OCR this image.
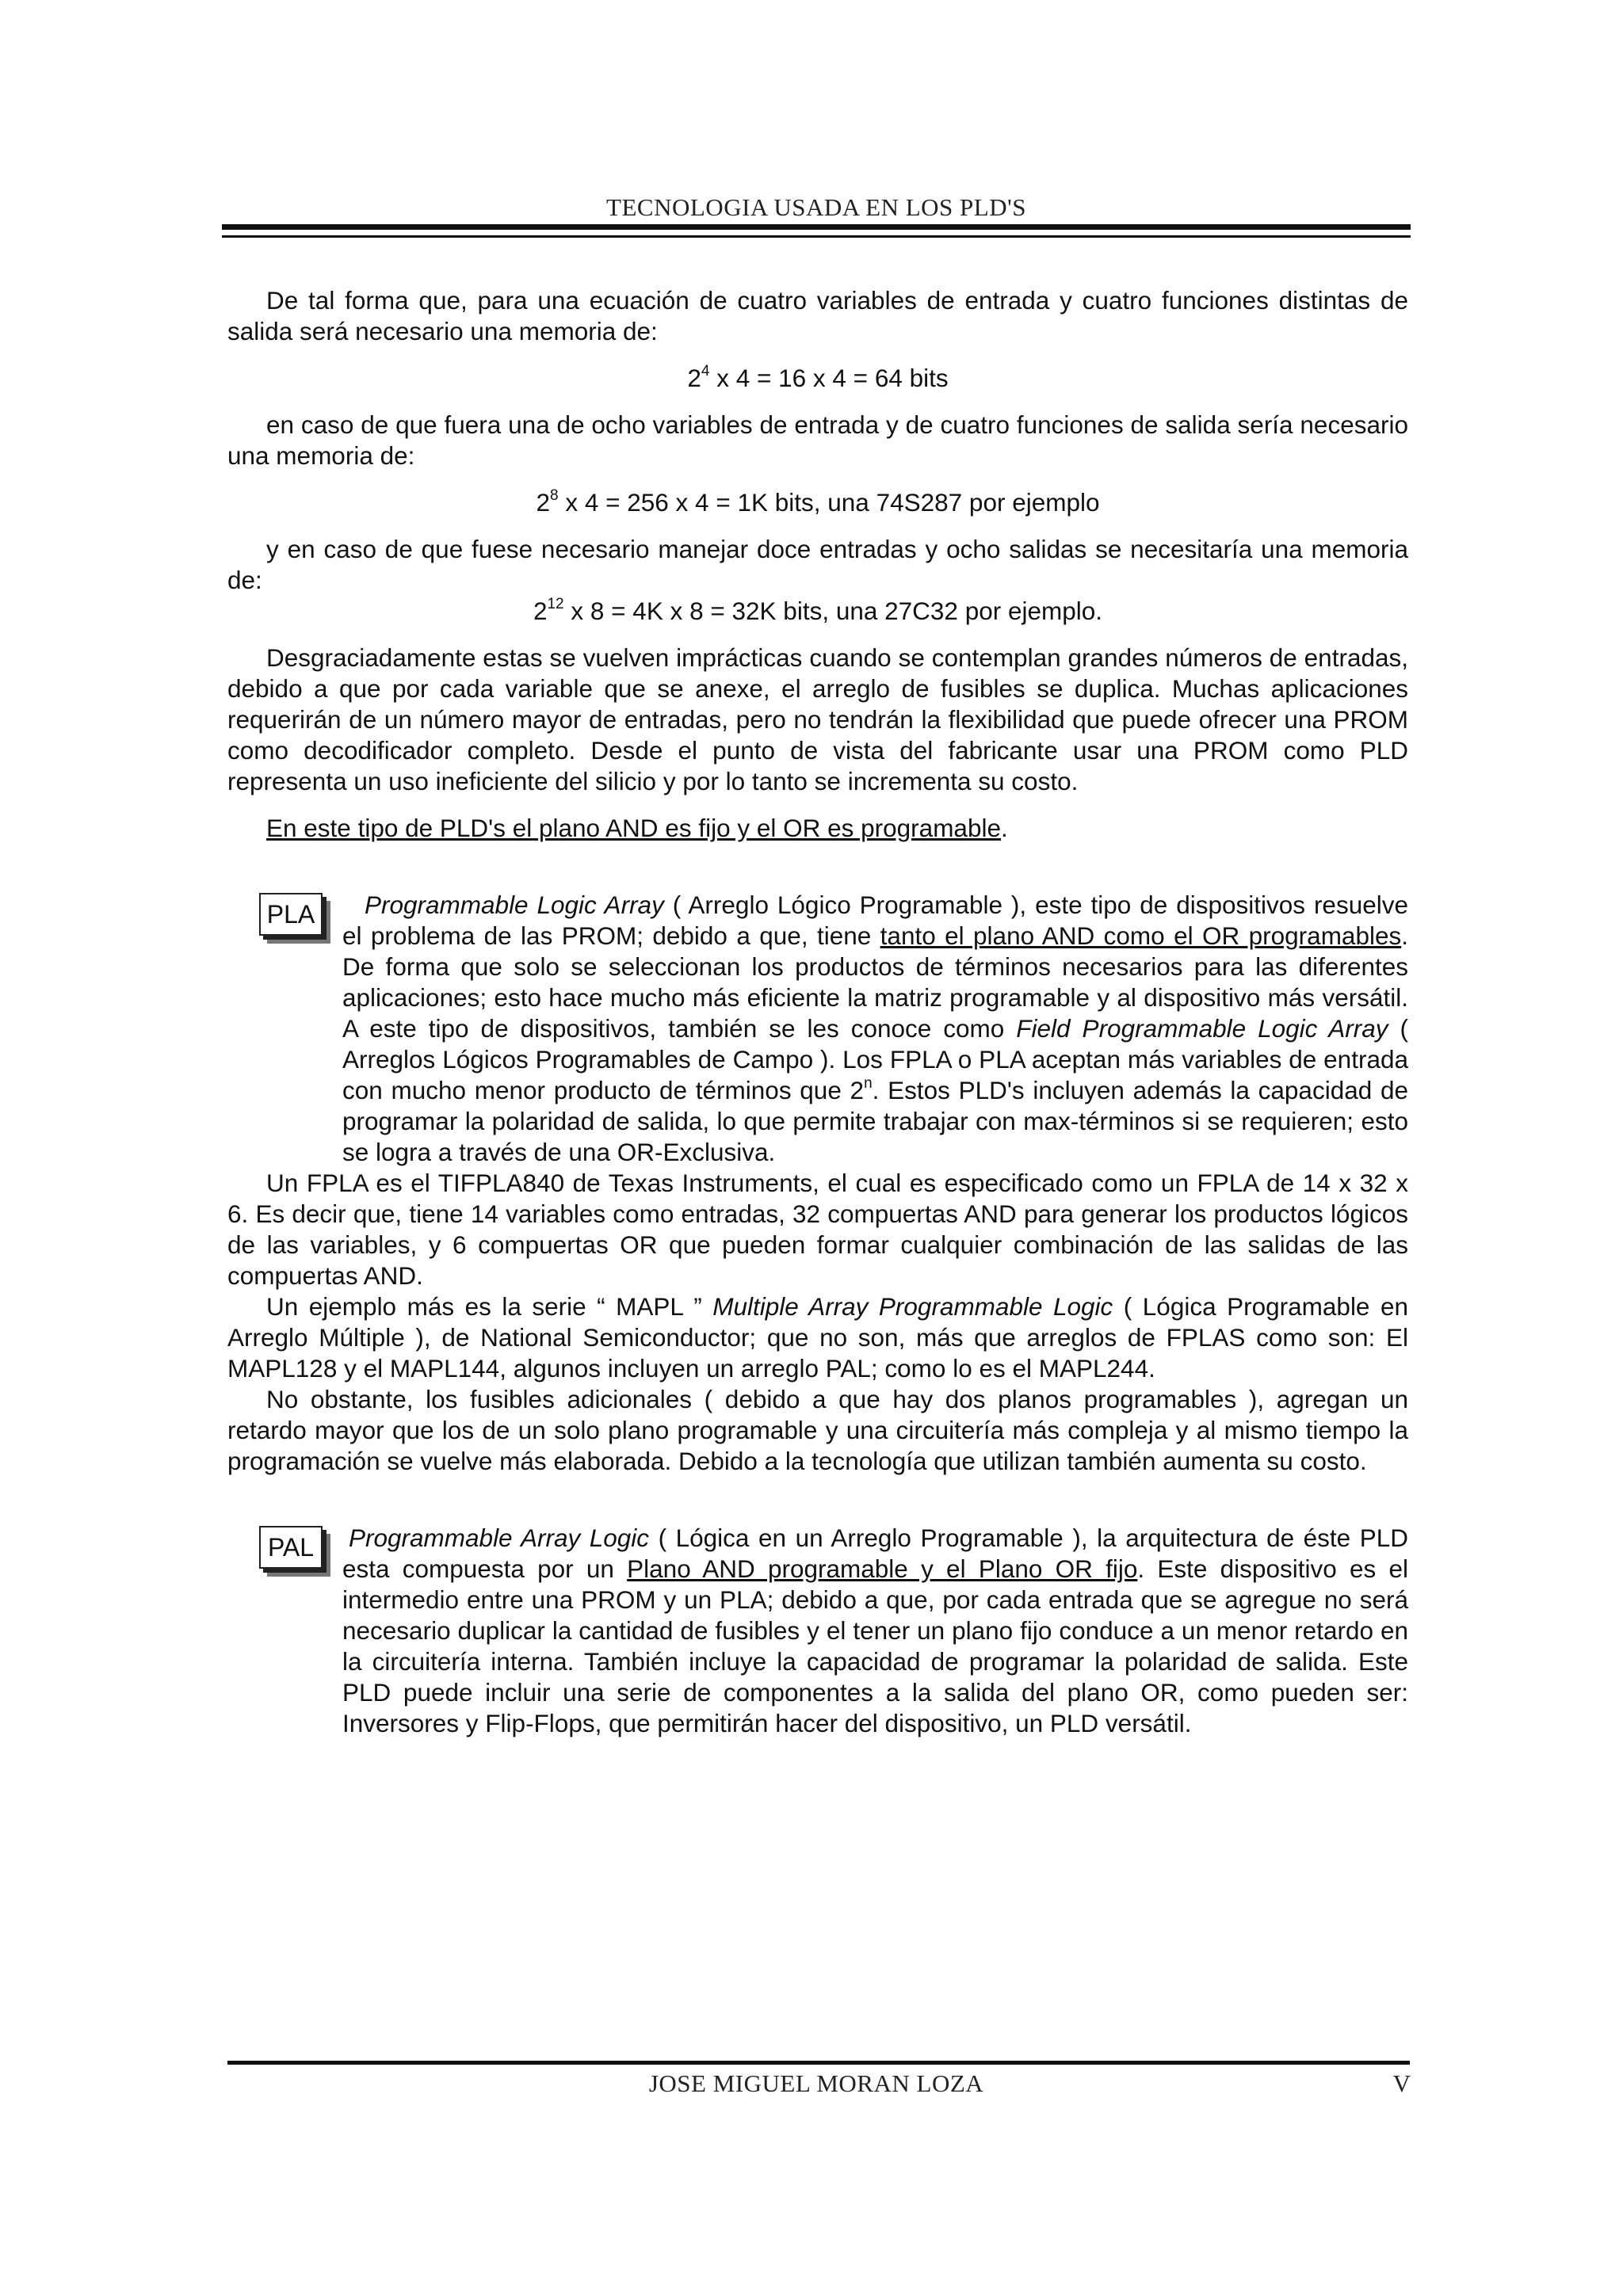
TECNOLOGIA USADA EN LOS PLD'S

De tal forma que, para una ecuación de cuatro variables de entrada y cuatro funciones distintas de salida será necesario una memoria de:

$2^4$ x 4 = 16 x 4 = 64 bits

en caso de que fuera una de ocho variables de entrada y de cuatro funciones de salida sería necesario una memoria de:

$2^8$ x 4 = 256 x 4 = 1K bits, una 74S287 por ejemplo

y en caso de que fuese necesario manejar doce entradas y ocho salidas se necesitaría una memoria de:

$2^{12}$ x 8 = 4K x 8 = 32K bits, una 27C32 por ejemplo.

Desgraciadamente estas se vuelven imprácticas cuando se contemplan grandes números de entradas, debido a que por cada variable que se anexe, el arreglo de fusibles se duplica. Muchas aplicaciones requerirán de un número mayor de entradas, pero no tendrán la flexibilidad que puede ofrecer una PROM como decodificador completo. Desde el punto de vista del fabricante usar una PROM como PLD representa un uso ineficiente del silicio y por lo tanto se incrementa su costo.

En este tipo de PLD's el plano AND es fijo y el OR es programable.

PLA	Programmable Logic Array ( Arreglo Lógico Programable ), este tipo de dispositivos resuelve el problema de las PROM; debido a que, tiene tanto el plano AND como el OR programables. De forma que solo se seleccionan los productos de términos necesarios para las diferentes aplicaciones; esto hace mucho más eficiente la matriz programable y al dispositivo más versátil. A este tipo de dispositivos, también se les conoce como Field Programmable Logic Array ( Arreglos Lógicos Programables de Campo ). Los FPLA o PLA aceptan más variables de entrada con mucho menor producto de términos que 2$^n$. Estos PLD's incluyen además la capacidad de programar la polaridad de salida, lo que permite trabajar con max-términos si se requieren; esto se logra a través de una OR-Exclusiva.

Un FPLA es el TIFPLA840 de Texas Instruments, el cual es especificado como un FPLA de 14 x 32 x 6. Es decir que, tiene 14 variables como entradas, 32 compuertas AND para generar los productos lógicos de las variables, y 6 compuertas OR que pueden formar cualquier combinación de las salidas de las compuertas AND.

Un ejemplo más es la serie “ MAPL ” Multiple Array Programmable Logic ( Lógica Programable en Arreglo Múltiple ), de National Semiconductor; que no son, más que arreglos de FPLAS como son: El MAPL128 y el MAPL144, algunos incluyen un arreglo PAL; como lo es el MAPL244.

No obstante, los fusibles adicionales ( debido a que hay dos planos programables ), agregan un retardo mayor que los de un solo plano programable y una circuitería más compleja y al mismo tiempo la programación se vuelve más elaborada. Debido a la tecnología que utilizan también aumenta su costo.

PAL	Programmable Array Logic ( Lógica en un Arreglo Programable ), la arquitectura de éste PLD esta compuesta por un Plano AND programable y el Plano OR fijo. Este dispositivo es el intermedio entre una PROM y un PLA; debido a que, por cada entrada que se agregue no será necesario duplicar la cantidad de fusibles y el tener un plano fijo conduce a un menor retardo en la circuitería interna. También incluye la capacidad de programar la polaridad de salida. Este PLD puede incluir una serie de componentes a la salida del plano OR, como pueden ser: Inversores y Flip-Flops, que permitirán hacer del dispositivo, un PLD versátil.

JOSE MIGUEL MORAN LOZA	V
